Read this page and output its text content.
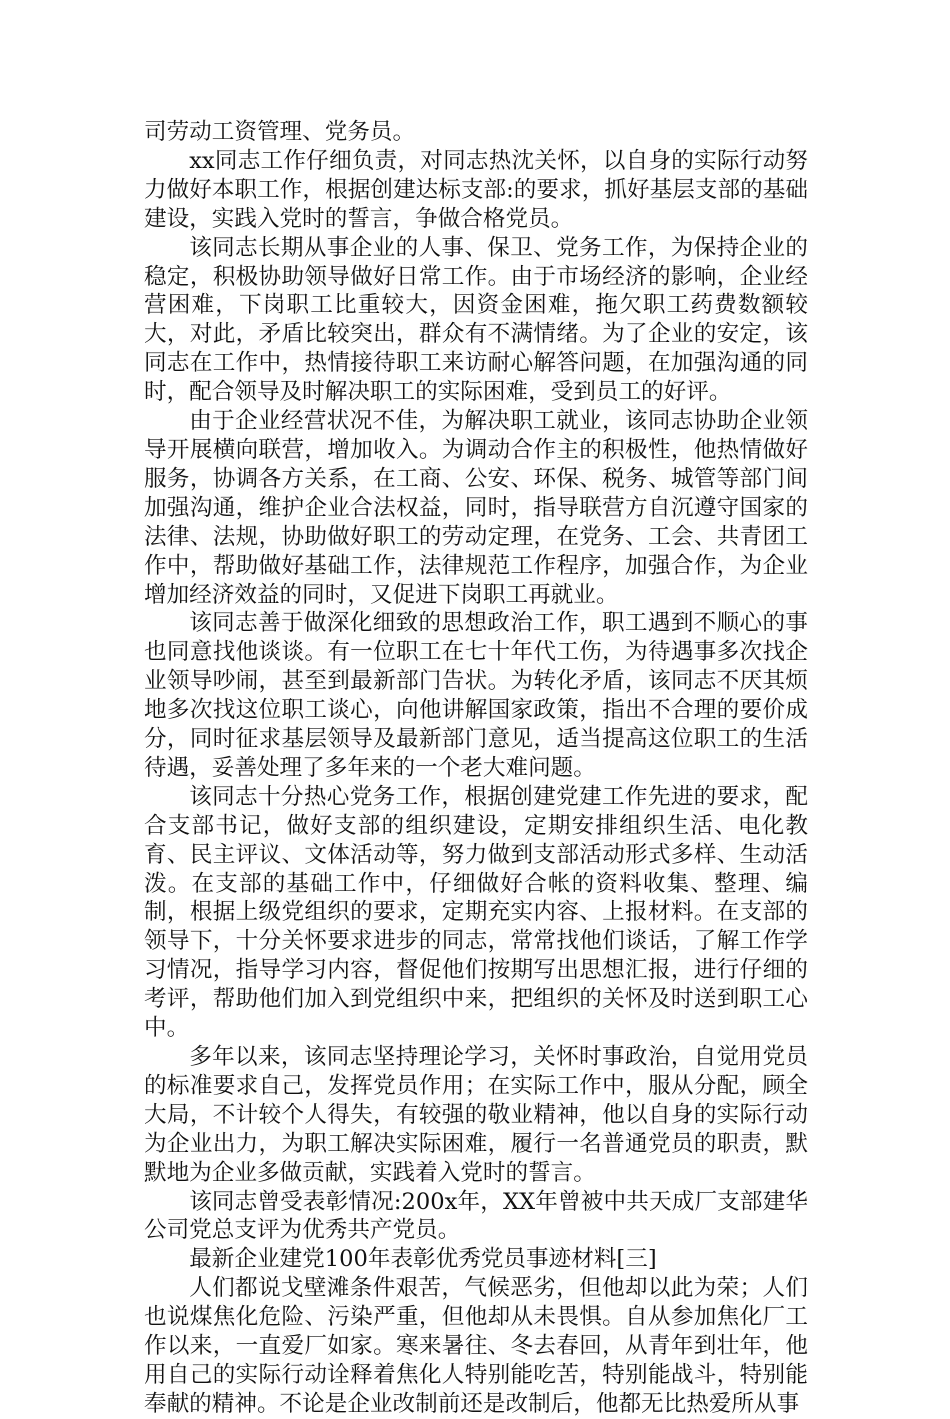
司劳动工资管理、党务员。

xx同志工作仔细负责，对同志热沈关怀，以自身的实际行动努力做好本职工作，根据创建达标支部:的要求，抓好基层支部的基础建设，实践入党时的誓言，争做合格党员。

该同志长期从事企业的人事、保卫、党务工作，为保持企业的稳定，积极协助领导做好日常工作。由于市场经济的影响，企业经营困难，下岗职工比重较大，因资金困难，拖欠职工药费数额较大，对此，矛盾比较突出，群众有不满情绪。为了企业的安定，该同志在工作中，热情接待职工来访耐心解答问题，在加强沟通的同时，配合领导及时解决职工的实际困难，受到员工的好评。

由于企业经营状况不佳，为解决职工就业，该同志协助企业领导开展横向联营，增加收入。为调动合作主的积极性，他热情做好服务，协调各方关系，在工商、公安、环保、税务、城管等部门间加强沟通，维护企业合法权益，同时，指导联营方自沉遵守国家的法律、法规，协助做好职工的劳动定理，在党务、工会、共青团工作中，帮助做好基础工作，法律规范工作程序，加强合作，为企业增加经济效益的同时，又促进下岗职工再就业。

该同志善于做深化细致的思想政治工作，职工遇到不顺心的事也同意找他谈谈。有一位职工在七十年代工伤，为待遇事多次找企业领导吵闹，甚至到最新部门告状。为转化矛盾，该同志不厌其烦地多次找这位职工谈心，向他讲解国家政策，指出不合理的要价成分，同时征求基层领导及最新部门意见，适当提高这位职工的生活待遇，妥善处理了多年来的一个老大难问题。

该同志十分热心党务工作，根据创建党建工作先进的要求，配合支部书记，做好支部的组织建设，定期安排组织生活、电化教育、民主评议、文体活动等，努力做到支部活动形式多样、生动活泼。在支部的基础工作中，仔细做好合帐的资料收集、整理、编制，根据上级党组织的要求，定期充实内容、上报材料。在支部的领导下，十分关怀要求进步的同志，常常找他们谈话，了解工作学习情况，指导学习内容，督促他们按期写出思想汇报，进行仔细的考评，帮助他们加入到党组织中来，把组织的关怀及时送到职工心中。

多年以来，该同志坚持理论学习，关怀时事政治，自觉用党员的标准要求自己，发挥党员作用；在实际工作中，服从分配，顾全大局，不计较个人得失，有较强的敬业精神，他以自身的实际行动为企业出力，为职工解决实际困难，履行一名普通党员的职责，默默地为企业多做贡献，实践着入党时的誓言。

该同志曾受表彰情况:200x年，XX年曾被中共天成厂支部建华公司党总支评为优秀共产党员。

最新企业建党100年表彰优秀党员事迹材料[三]

人们都说戈壁滩条件艰苦，气候恶劣，但他却以此为荣；人们也说煤焦化危险、污染严重，但他却从未畏惧。自从参加焦化厂工作以来，一直爱厂如家。寒来暑往、冬去春回，从青年到壮年，他用自己的实际行动诠释着焦化人特别能吃苦，特别能战斗，特别能奉献的精神。不论是企业改制前还是改制后，他都无比热爱所从事
